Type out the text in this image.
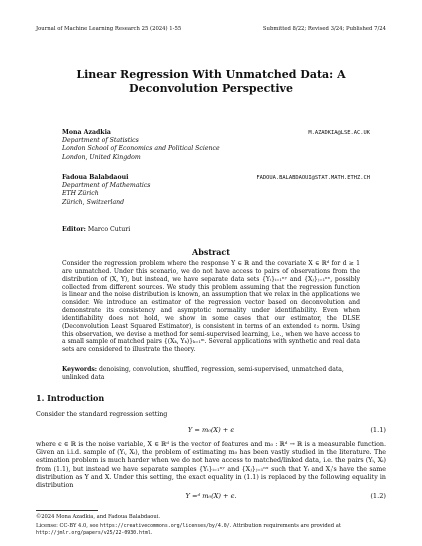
Journal of Machine Learning Research 25 (2024) 1-55	Submitted 8/22; Revised 3/24; Published 7/24
Linear Regression With Unmatched Data: A Deconvolution Perspective
Mona Azadkia	M.AZADKIA@LSE.AC.UK
Department of Statistics
London School of Economics and Political Science
London, United Kingdom
Fadoua Balabdaoui	FADOUA.BALABDAOUI@STAT.MATH.ETHZ.CH
Department of Mathematics
ETH Zürich
Zürich, Switzerland
Editor: Marco Cuturi
Abstract
Consider the regression problem where the response Y ∈ ℝ and the covariate X ∈ ℝᵈ for d ≥ 1 are unmatched. Under this scenario, we do not have access to pairs of observations from the distribution of (X, Y), but instead, we have separate data sets {Yᵢ}ᵢ₌₁ⁿʸ and {Xⱼ}ⱼ₌₁ⁿˣ, possibly collected from different sources. We study this problem assuming that the regression function is linear and the noise distribution is known, an assumption that we relax in the applications we consider. We introduce an estimator of the regression vector based on deconvolution and demonstrate its consistency and asymptotic normality under identifiability. Even when identifiability does not hold, we show in some cases that our estimator, the DLSE (Deconvolution Least Squared Estimator), is consistent in terms of an extended ℓ₂ norm. Using this observation, we devise a method for semi-supervised learning, i.e., when we have access to a small sample of matched pairs {(Xₖ, Yₖ)}ₖ₌₁ᵐ. Several applications with synthetic and real data sets are considered to illustrate the theory.
Keywords: denoising, convolution, shuffled, regression, semi-supervised, unmatched data, unlinked data
1. Introduction
Consider the standard regression setting
Y = m₀(X) + ϵ	(1.1)
where ϵ ∈ ℝ is the noise variable, X ∈ ℝᵈ is the vector of features and m₀ : ℝᵈ → ℝ is a measurable function. Given an i.i.d. sample of (Yᵢ, Xᵢ), the problem of estimating m₀ has been vastly studied in the literature. The estimation problem is much harder when we do not have access to matched/linked data, i.e. the pairs (Yᵢ, Xᵢ) from (1.1), but instead we have separate samples {Yᵢ}ᵢ₌₁ⁿʸ and {Xⱼ}ⱼ₌₁ⁿˣ such that Yᵢ and Xⱼ's have the same distribution as Y and X. Under this setting, the exact equality in (1.1) is replaced by the following equality in distribution
Y =ᵈ m₀(X) + ϵ.	(1.2)
©2024 Mona Azadkia, and Fadoua Balabdaoui.
License: CC-BY 4.0, see https://creativecommons.org/licenses/by/4.0/. Attribution requirements are provided at http://jmlr.org/papers/v25/22-0930.html.
